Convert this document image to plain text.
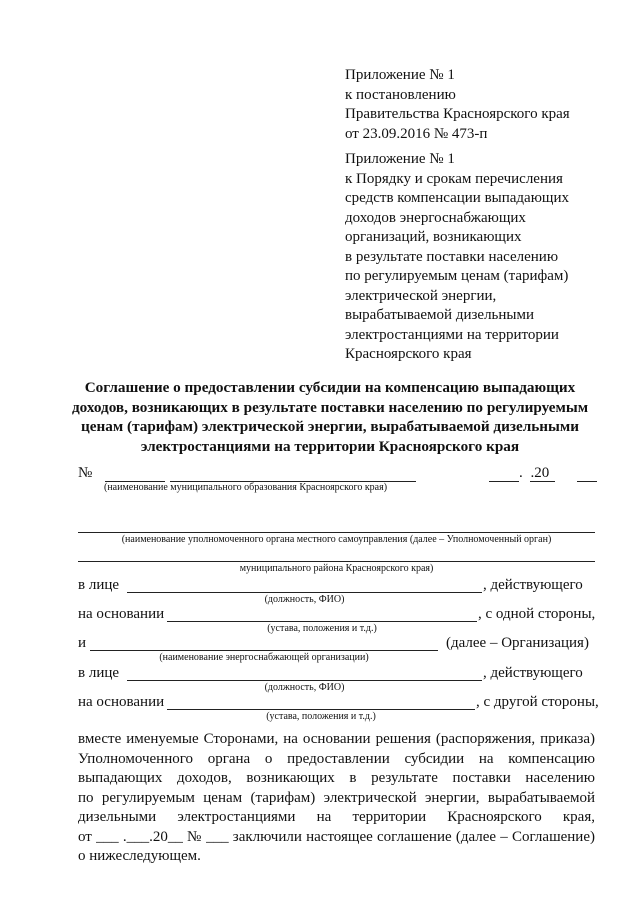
Приложение № 1
к постановлению
Правительства Красноярского края
от 23.09.2016 № 473-п
Приложение № 1
к Порядку и срокам перечисления
средств компенсации выпадающих
доходов энергоснабжающих
организаций, возникающих
в результате поставки населению
по регулируемым ценам (тарифам)
электрической энергии,
вырабатываемой дизельными
электростанциями на территории
Красноярского края
Соглашение о предоставлении субсидии на компенсацию выпадающих
доходов, возникающих в результате поставки населению по регулируемым
ценам (тарифам) электрической энергии, вырабатываемой дизельными
электростанциями на территории Красноярского края
№
(наименование муниципального образования Красноярского края)
. .20
(наименование уполномоченного органа местного самоуправления (далее – Уполномоченный орган)
муниципального района Красноярского края)
в лице	, действующего
(должность, ФИО)
на основании	, с одной стороны,
(устава, положения и т.д.)
и	(далее – Организация)
(наименование энергоснабжающей организации)
в лице	, действующего
(должность, ФИО)
на основании	, с другой стороны,
(устава, положения и т.д.)
вместе именуемые Сторонами, на основании решения (распоряжения, приказа)
Уполномоченного органа о предоставлении субсидии на компенсацию
выпадающих доходов, возникающих в результате поставки населению
по регулируемым ценам (тарифам) электрической энергии, вырабатываемой
дизельными электростанциями на территории Красноярского края,
от ___ .___.20__ № ___ заключили настоящее соглашение (далее – Соглашение)
о нижеследующем.
